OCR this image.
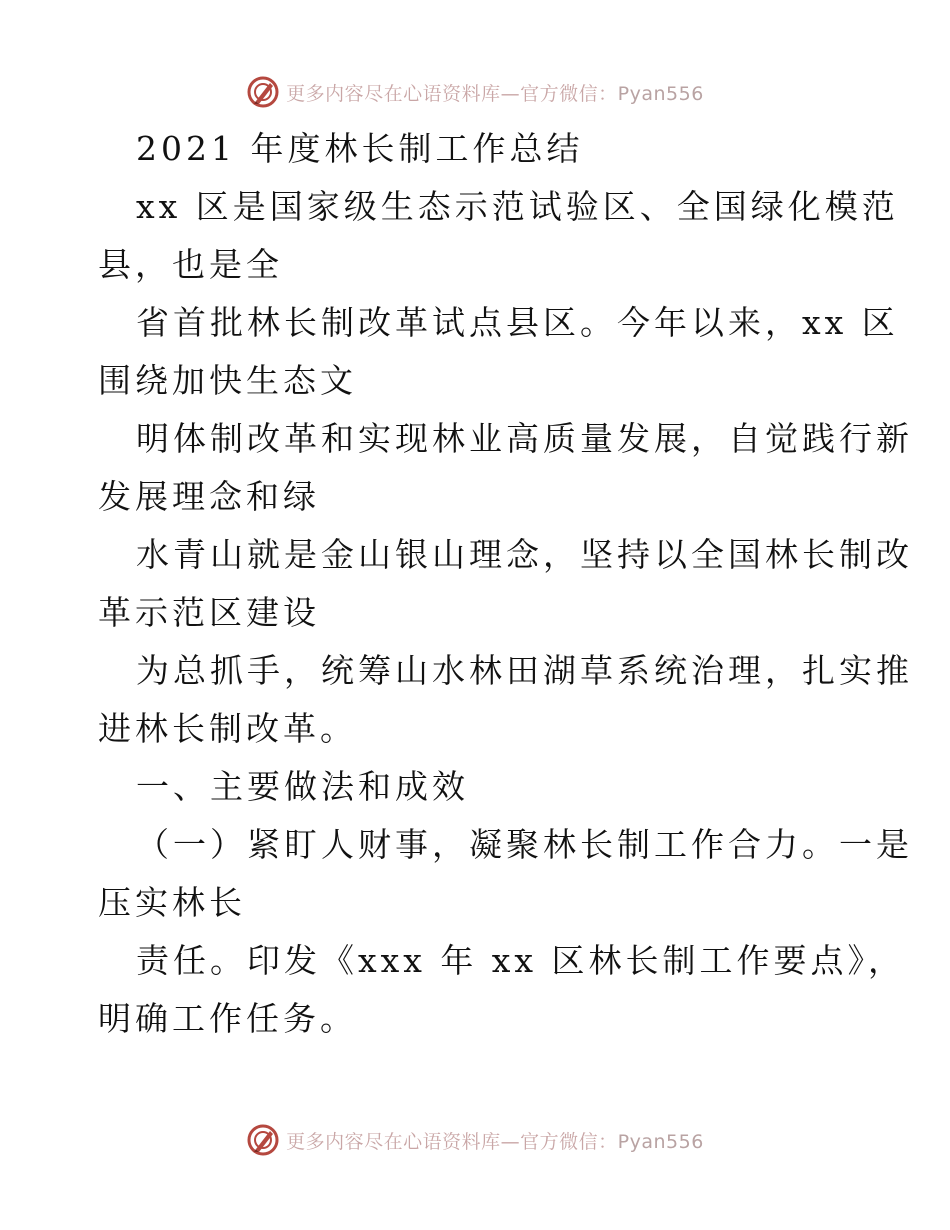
更多内容尽在心语资料库—官方微信：Pyan556
2021 年度林长制工作总结
xx 区是国家级生态示范试验区、全国绿化模范
县，也是全
省首批林长制改革试点县区。今年以来，xx 区
围绕加快生态文
明体制改革和实现林业高质量发展，自觉践行新
发展理念和绿
水青山就是金山银山理念，坚持以全国林长制改
革示范区建设
为总抓手，统筹山水林田湖草系统治理，扎实推
进林长制改革。
一、主要做法和成效
（一）紧盯人财事，凝聚林长制工作合力。一是
压实林长
责任。印发《xxx 年 xx 区林长制工作要点》，
明确工作任务。
更多内容尽在心语资料库—官方微信：Pyan556
